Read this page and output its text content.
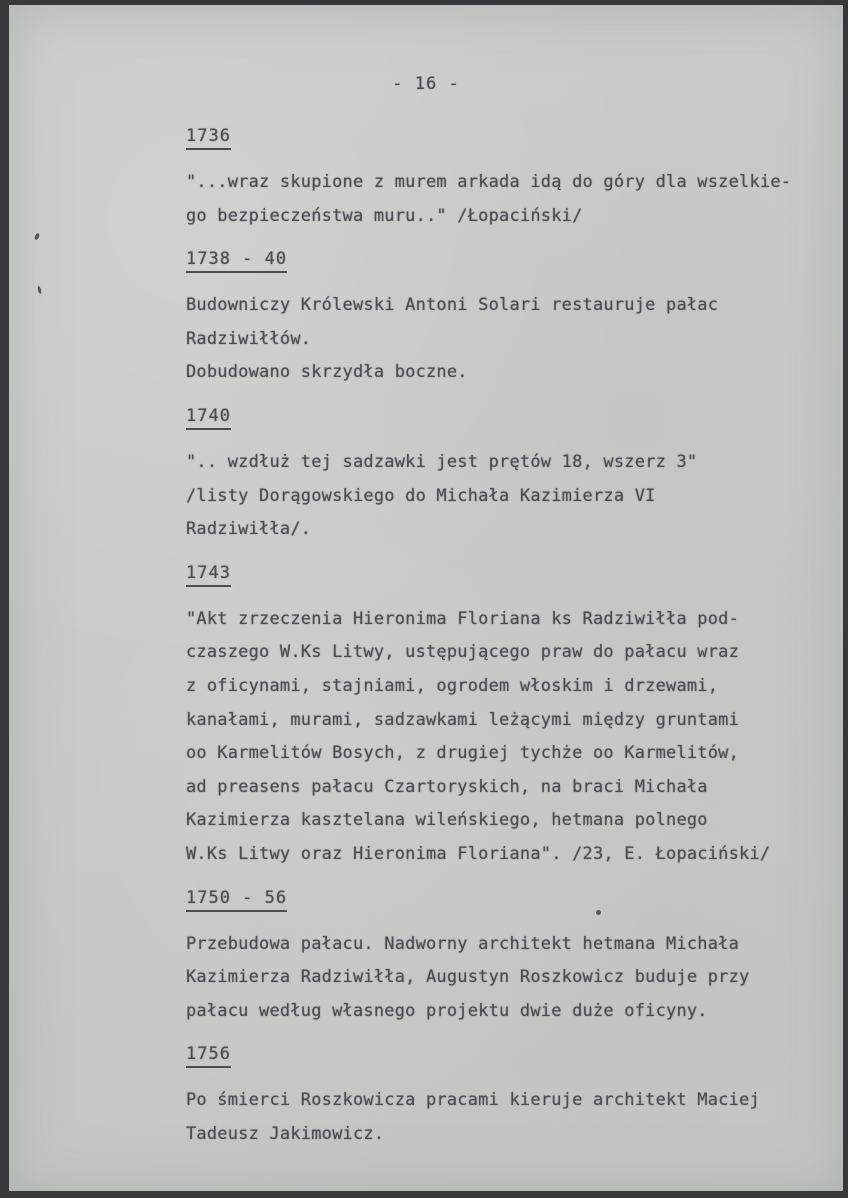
- 16 -
1736

"...wraz skupione z murem arkada idą do góry dla wszelkie-
go bezpieczeństwa muru.." /Łopaciński/

1738 - 40

Budowniczy Królewski Antoni Solari restauruje pałac
Radziwiłłów.
Dobudowano skrzydła boczne.

1740

".. wzdłuż tej sadzawki jest prętów 18, wszerz 3"
/listy Dorągowskiego do Michała Kazimierza VI
Radziwiłła/.

1743

"Akt zrzeczenia Hieronima Floriana ks Radziwiłła pod-
czaszego W.Ks Litwy, ustępującego praw do pałacu wraz
z oficynami, stajniami, ogrodem włoskim i drzewami,
kanałami, murami, sadzawkami leżącymi między gruntami
oo Karmelitów Bosych, z drugiej tychże oo Karmelitów,
ad preasens pałacu Czartoryskich, na braci Michała
Kazimierza kasztelana wileńskiego, hetmana polnego
W.Ks Litwy oraz Hieronima Floriana". /23, E. Łopaciński/

1750 - 56

Przebudowa pałacu. Nadworny architekt hetmana Michała
Kazimierza Radziwiłła, Augustyn Roszkowicz buduje przy
pałacu według własnego projektu dwie duże oficyny.

1756

Po śmierci Roszkowicza pracami kieruje architekt Maciej
Tadeusz Jakimowicz.
